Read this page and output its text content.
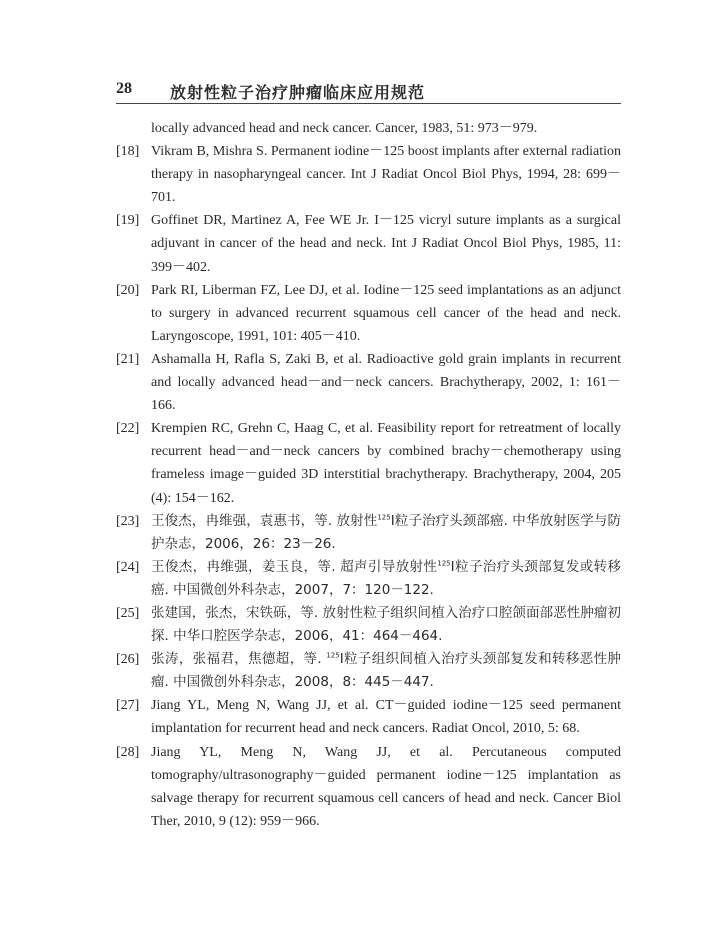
28 放射性粒子治疗肿瘤临床应用规范
locally advanced head and neck cancer. Cancer, 1983, 51: 973－979.
[18] Vikram B, Mishra S. Permanent iodine－125 boost implants after external radiation therapy in nasopharyngeal cancer. Int J Radiat Oncol Biol Phys, 1994, 28: 699－701.
[19] Goffinet DR, Martinez A, Fee WE Jr. I－125 vicryl suture implants as a surgical adjuvant in cancer of the head and neck. Int J Radiat Oncol Biol Phys, 1985, 11: 399－402.
[20] Park RI, Liberman FZ, Lee DJ, et al. Iodine－125 seed implantations as an adjunct to surgery in advanced recurrent squamous cell cancer of the head and neck. Laryngoscope, 1991, 101: 405－410.
[21] Ashamalla H, Rafla S, Zaki B, et al. Radioactive gold grain implants in recurrent and locally advanced head－and－neck cancers. Brachytherapy, 2002, 1: 161－166.
[22] Krempien RC, Grehn C, Haag C, et al. Feasibility report for retreatment of locally recurrent head－and－neck cancers by combined brachy－chemotherapy using frameless image－guided 3D interstitial brachytherapy. Brachytherapy, 2004, 205 (4): 154－162.
[23] 王俊杰，冉维强，袁惠书，等. 放射性$^{125}$I粒子治疗头颈部癌. 中华放射医学与防护杂志，2006，26：23－26.
[24] 王俊杰，冉维强，姜玉良，等. 超声引导放射性$^{125}$I粒子治疗头颈部复发或转移癌. 中国微创外科杂志，2007，7：120－122.
[25] 张建国，张杰，宋铁砾，等. 放射性粒子组织间植入治疗口腔颌面部恶性肿瘤初探. 中华口腔医学杂志，2006，41：464－464.
[26] 张涛，张福君，焦德超，等. $^{125}$I粒子组织间植入治疗头颈部复发和转移恶性肿瘤. 中国微创外科杂志，2008，8：445－447.
[27] Jiang YL, Meng N, Wang JJ, et al. CT－guided iodine－125 seed permanent implantation for recurrent head and neck cancers. Radiat Oncol, 2010, 5: 68.
[28] Jiang YL, Meng N, Wang JJ, et al. Percutaneous computed tomography/ultrasonography－guided permanent iodine－125 implantation as salvage therapy for recurrent squamous cell cancers of head and neck. Cancer Biol Ther, 2010, 9 (12): 959－966.
